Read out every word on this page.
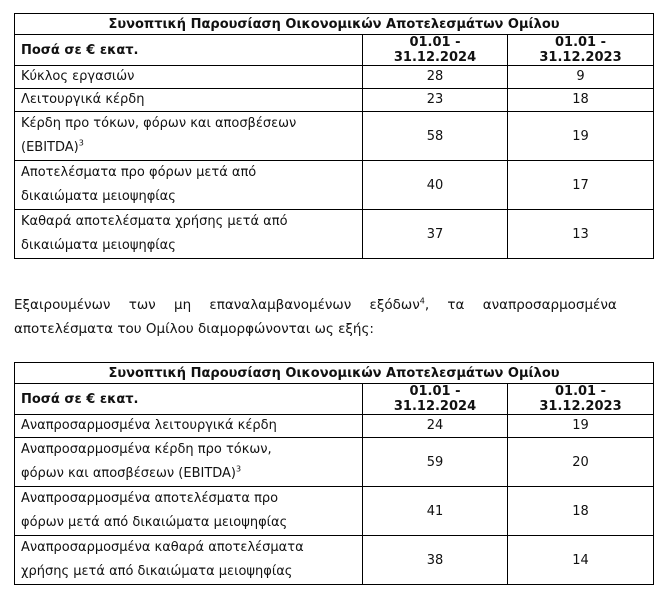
Συνοπτική Παρουσίαση Οικονομικών Αποτελεσμάτων Ομίλου		
Ποσά σε € εκατ.	01.01 - 31.12.2024	01.01 - 31.12.2023
Κύκλος εργασιών	28	9
Λειτουργικά κέρδη	23	18
Κέρδη προ τόκων, φόρων και αποσβέσεων
(EBITDA)$^3$	58	19
Αποτελέσματα προ φόρων μετά από
δικαιώματα μειοψηφίας	40	17
Καθαρά αποτελέσματα χρήσης μετά από
δικαιώματα μειοψηφίας	37	13
Εξαιρουμένων των μη επαναλαμβανομένων εξόδων$^4$, τα αναπροσαρμοσμένα
αποτελέσματα του Ομίλου διαμορφώνονται ως εξής:
Συνοπτική Παρουσίαση Οικονομικών Αποτελεσμάτων Ομίλου		
Ποσά σε € εκατ.	01.01 - 31.12.2024	01.01 - 31.12.2023
Αναπροσαρμοσμένα λειτουργικά κέρδη	24	19
Αναπροσαρμοσμένα κέρδη προ τόκων,
φόρων και αποσβέσεων (EBITDA)$^3$	59	20
Αναπροσαρμοσμένα αποτελέσματα προ
φόρων μετά από δικαιώματα μειοψηφίας	41	18
Αναπροσαρμοσμένα καθαρά αποτελέσματα
χρήσης μετά από δικαιώματα μειοψηφίας	38	14
